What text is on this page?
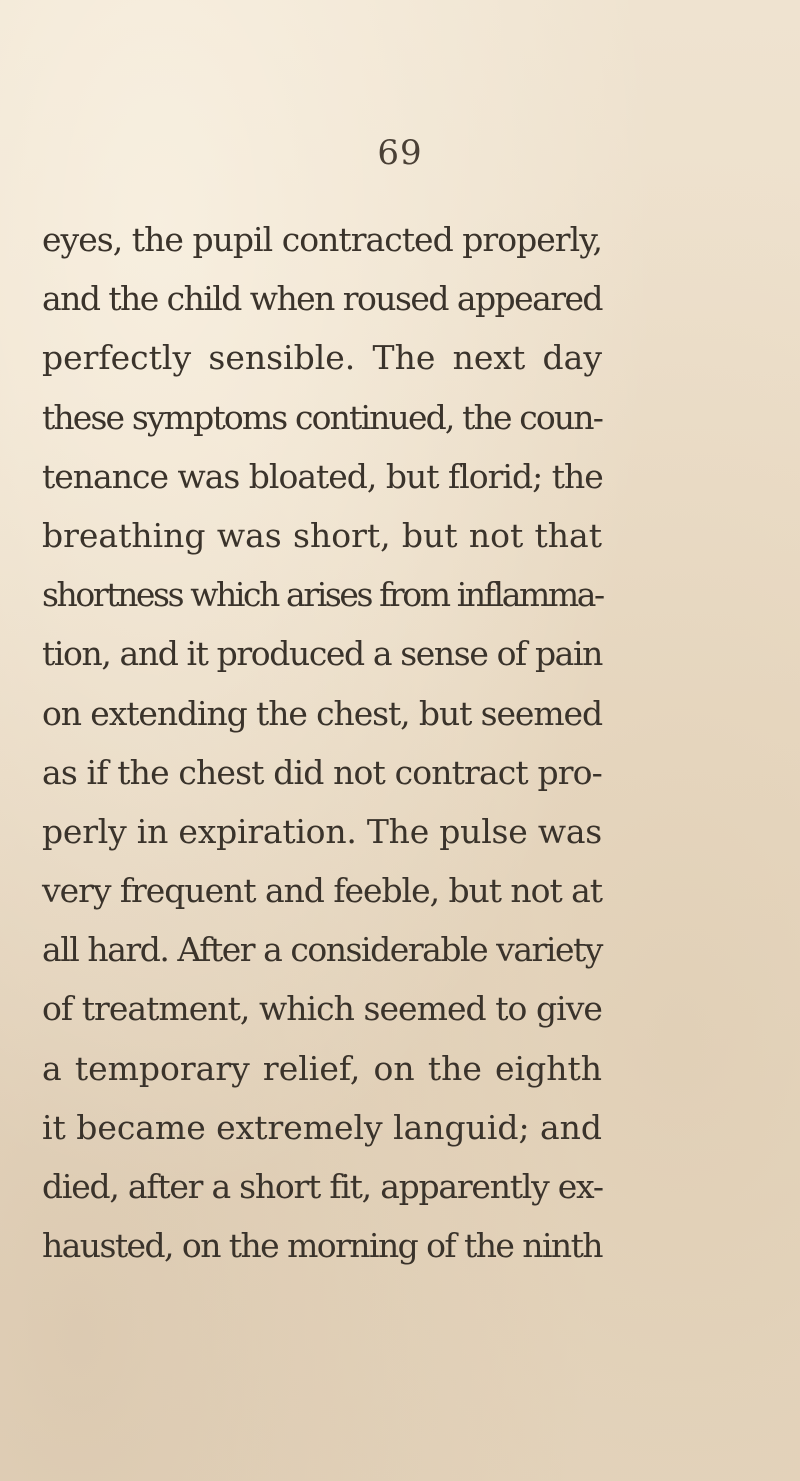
69
eyes, the pupil contracted properly,
and the child when roused appeared
perfectly sensible. The next day
these symptoms continued, the coun-
tenance was bloated, but florid; the
breathing was short, but not that
shortness which arises from inflamma-
tion, and it produced a sense of pain
on extending the chest, but seemed
as if the chest did not contract pro-
perly in expiration. The pulse was
very frequent and feeble, but not at
all hard. After a considerable variety
of treatment, which seemed to give
a temporary relief, on the eighth
it became extremely languid; and
died, after a short fit, apparently ex-
hausted, on the morning of the ninth
